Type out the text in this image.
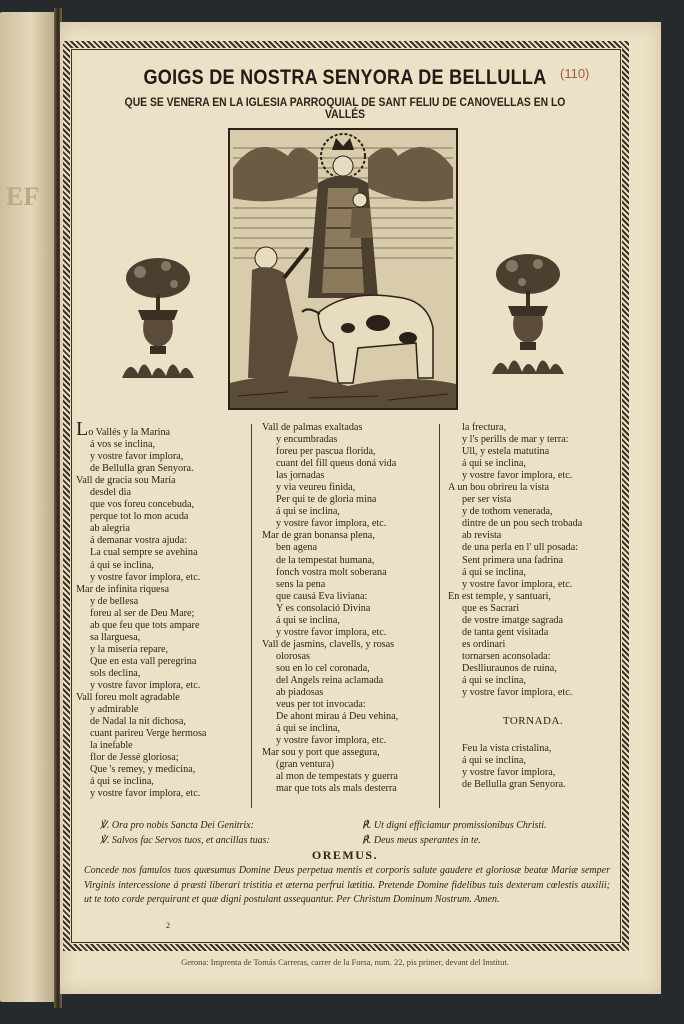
EF
GOIGS DE NOSTRA SENYORA DE BELLULLA	(110)
QUE SE VENERA EN LA IGLESIA PARROQUIAL DE SANT FELIU DE CANOVELLAS EN LO VALLÉS
Lo Vallés y la Marina
á vos se inclina,
y vostre favor implora,
de Bellulla gran Senyora.
Vall de gracia sou María
desdel dia
que vos foreu concebuda,
perque tot lo mon acuda
ab alegria
á demanar vostra ajuda:
La cual sempre se avehina
á qui se inclina,
y vostre favor implora, etc.
Mar de infinita riquesa
y de bellesa
foreu al ser de Deu Mare;
ab que feu que tots ampare
sa llarguesa,
y la miseria repare,
Que en esta vall peregrina
sols declina,
y vostre favor implora, etc.
Vall foreu molt agradable
y admirable
de Nadal la nit dichosa,
cuant parireu Verge hermosa
la inefable
flor de Jessé gloriosa;
Que 's remey, y medicina,
á qui se inclina,
y vostre favor implora, etc.
Vall de palmas exaltadas
y encumbradas
foreu per pascua florida,
cuant del fill queus doná vida
las jornadas
y via veureu finida,
Per qui te de gloria mina
á qui se inclina,
y vostre favor implora, etc.
Mar de gran bonansa plena,
ben agena
de la tempestat humana,
fonch vostra molt soberana
sens la pena
que causá Eva liviana:
Y es consolació Divina
á qui se inclina,
y vostre favor implora, etc.
Vall de jasmins, clavells, y rosas
olorosas
sou en lo cel coronada,
del Angels reina aclamada
ab piadosas
veus per tot invocada:
De ahont mirau á Deu vehina,
á qui se inclina,
y vostre favor implora, etc.
Mar sou y port que assegura,
(gran ventura)
al mon de tempestats y guerra
mar que tots als mals desterra
la frectura,
y l's perills de mar y terra:
Ull, y estela matutina
á qui se inclina,
y vostre favor implora, etc.
A un bou obrireu la vista
per ser vista
y de tothom venerada,
dintre de un pou sech trobada
ab revista
de una perla en l' ull posada:
Sent primera una fadrina
á qui se inclina,
y vostre favor implora, etc.
En est temple, y santuari,
que es Sacrari
de vostre imatge sagrada
de tanta gent visitada
es ordinari
tornarsen aconsolada:
Deslliuraunos de ruina,
á qui se inclina,
y vostre favor implora, etc.
TORNADA.
Feu la vista cristalina,
á qui se inclina,
y vostre favor implora,
de Bellulla gran Senyora.
℣. Ora pro nobis Sancta Dei Genitrix:
℣. Salvos fac Servos tuos, et ancillas tuas:
℟. Ut digni efficiamur promissionibus Christi.
℟. Deus meus sperantes in te.
OREMUS.
Concede nos famulos tuos quæsumus Domine Deus perpetua mentis et corporis salute gaudere et gloriosæ beatæ Mariæ semper Virginis intercessione á præsti liberari tristitia et æterna perfrui lætitia. Pretende Domine fidelibus tuis dexteram cœlestis auxilii; ut te toto corde perquirant et quæ digni postulant assequantur. Per Christum Dominum Nostrum. Amen.
2
Gerona: Imprenta de Tomás Carreras, carrer de la Forsa, num. 22, pis primer, devant del Institut.
